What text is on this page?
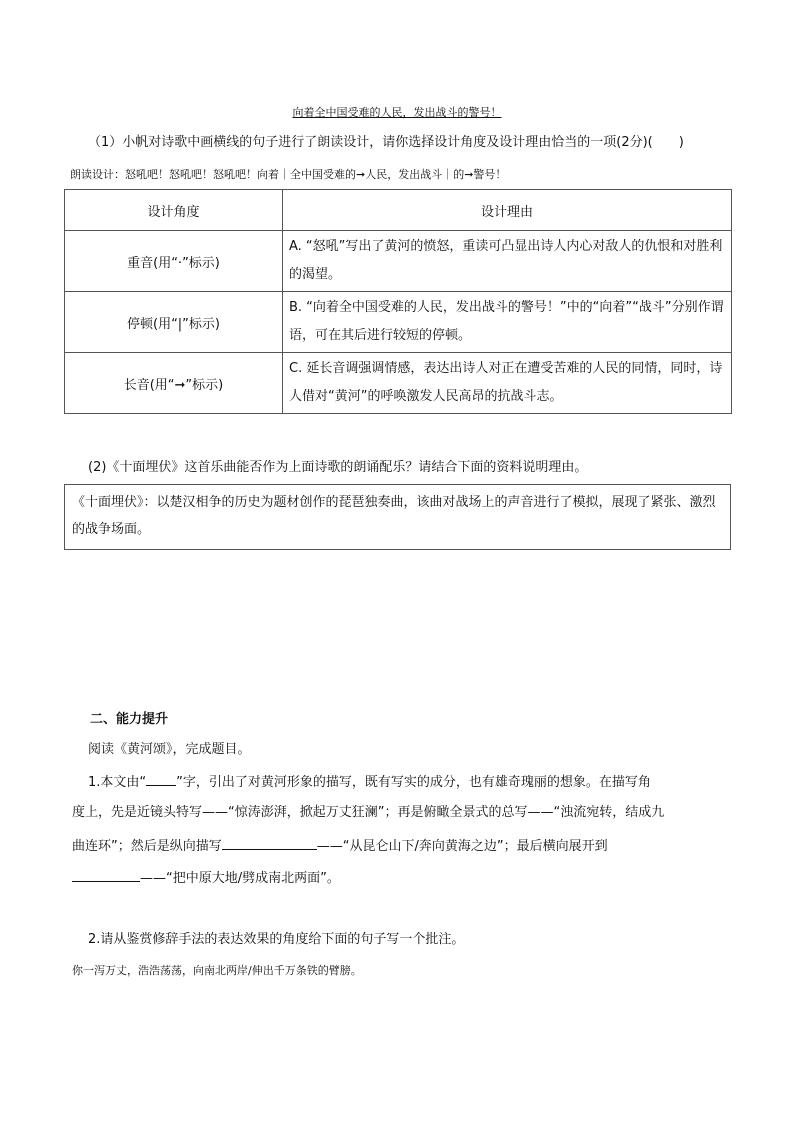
向着全中国受难的人民，发出战斗的警号！
（1）小帆对诗歌中画横线的句子进行了朗读设计，请你选择设计角度及设计理由恰当的一项(2分)(　　)
朗读设计：怒吼吧！怒吼吧！怒吼吧！向着｜全中国受难的➞人民，发出战斗｜的➞警号！
设计角度	设计理由
重音(用“·”标示)	A. “怒吼”写出了黄河的愤怒，重读可凸显出诗人内心对敌人的仇恨和对胜利的渴望。
停顿(用“|”标示)	B. “向着全中国受难的人民，发出战斗的警号！”中的“向着”“战斗”分别作谓语，可在其后进行较短的停顿。
长音(用“➞”标示)	C. 延长音调强调情感，表达出诗人对正在遭受苦难的人民的同情，同时，诗人借对“黄河”的呼唤激发人民高昂的抗战斗志。
(2)《十面埋伏》这首乐曲能否作为上面诗歌的朗诵配乐？请结合下面的资料说明理由。
《十面埋伏》：以楚汉相争的历史为题材创作的琵琶独奏曲，该曲对战场上的声音进行了模拟，展现了紧张、激烈的战争场面。
二、能力提升
阅读《黄河颂》，完成题目。
1.本文由“ ”字，引出了对黄河形象的描写，既有写实的成分，也有雄奇瑰丽的想象。在描写角
度上，先是近镜头特写——“惊涛澎湃，掀起万丈狂澜”；再是俯瞰全景式的总写——“浊流宛转，结成九
曲连环”；然后是纵向描写	——“从昆仑山下/奔向黄海之边”；最后横向展开到
——“把中原大地/劈成南北两面”。
2.请从鉴赏修辞手法的表达效果的角度给下面的句子写一个批注。
你一泻万丈，浩浩荡荡，向南北两岸/伸出千万条铁的臂膀。
